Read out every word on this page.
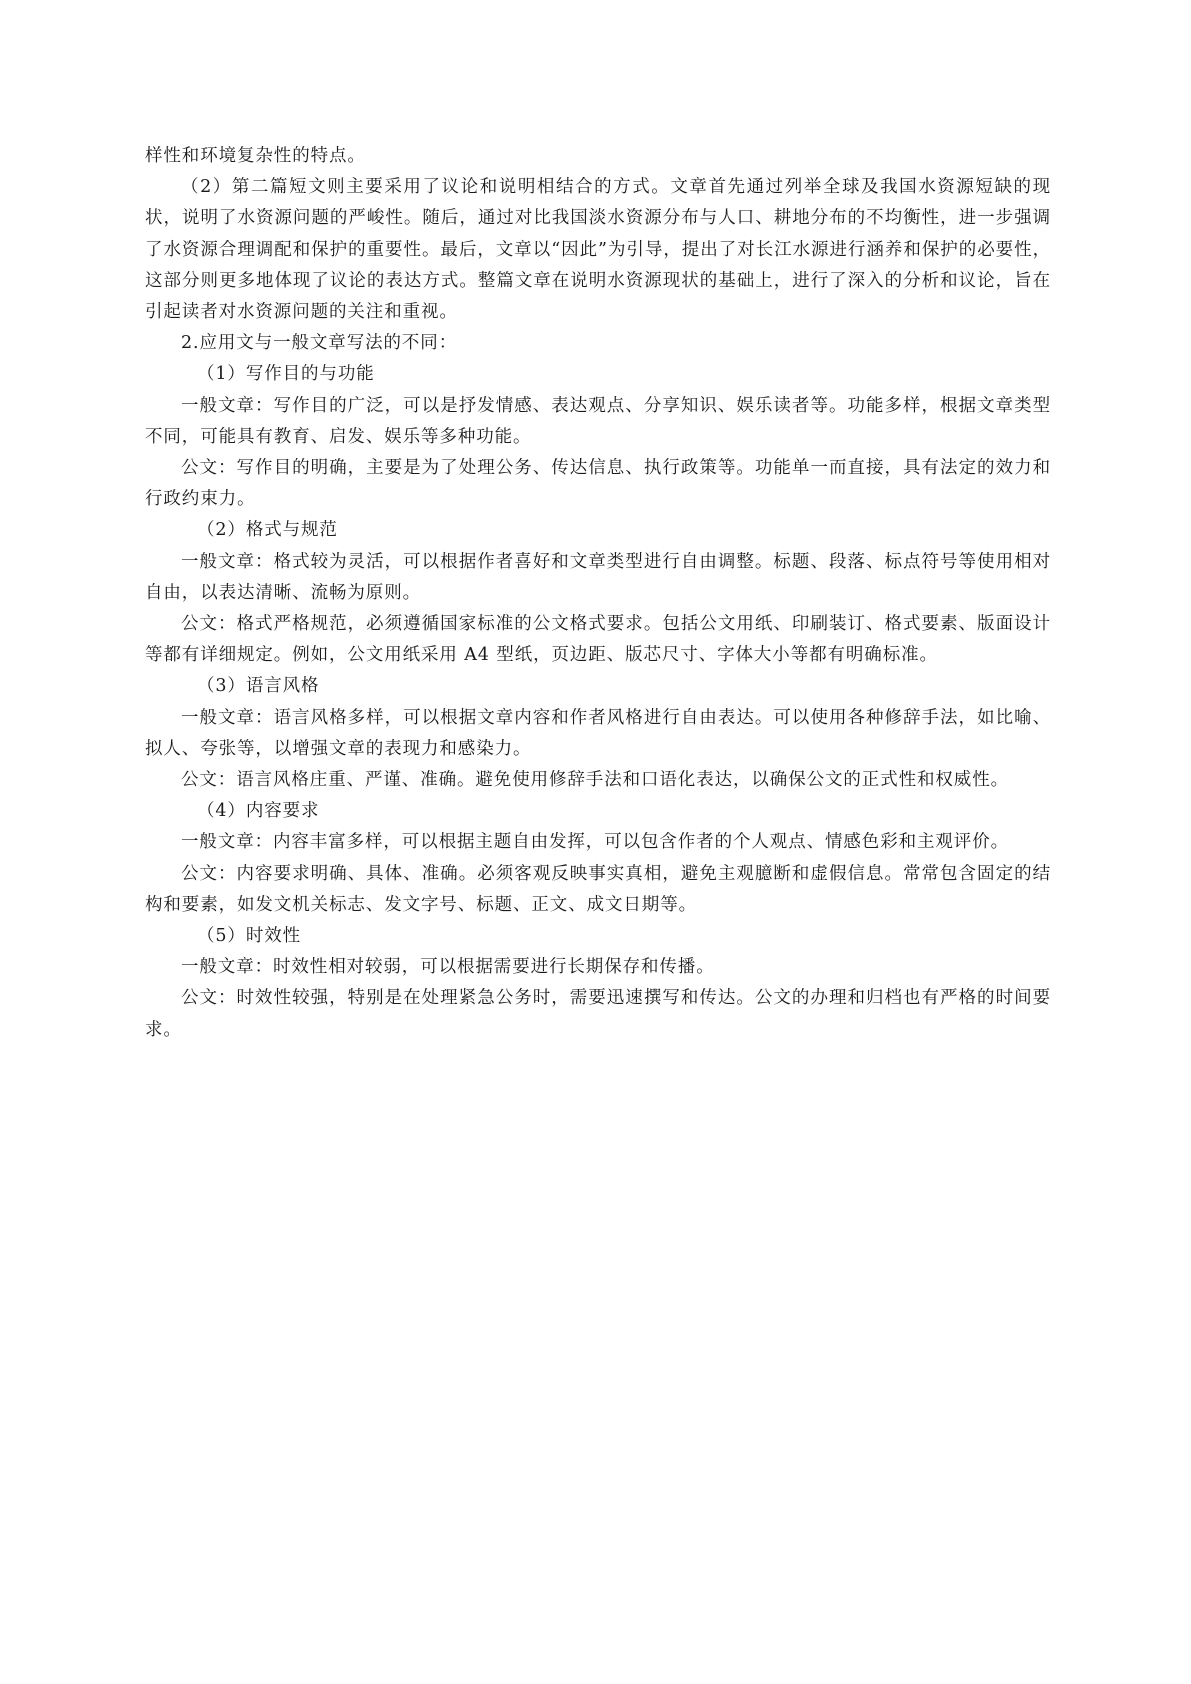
样性和环境复杂性的特点。

（2）第二篇短文则主要采用了议论和说明相结合的方式。文章首先通过列举全球及我国水资源短缺的现状，说明了水资源问题的严峻性。随后，通过对比我国淡水资源分布与人口、耕地分布的不均衡性，进一步强调了水资源合理调配和保护的重要性。最后，文章以“因此”为引导，提出了对长江水源进行涵养和保护的必要性，这部分则更多地体现了议论的表达方式。整篇文章在说明水资源现状的基础上，进行了深入的分析和议论，旨在引起读者对水资源问题的关注和重视。

2.应用文与一般文章写法的不同：

（1）写作目的与功能

一般文章：写作目的广泛，可以是抒发情感、表达观点、分享知识、娱乐读者等。功能多样，根据文章类型不同，可能具有教育、启发、娱乐等多种功能。

公文：写作目的明确，主要是为了处理公务、传达信息、执行政策等。功能单一而直接，具有法定的效力和行政约束力。

（2）格式与规范

一般文章：格式较为灵活，可以根据作者喜好和文章类型进行自由调整。标题、段落、标点符号等使用相对自由，以表达清晰、流畅为原则。

公文：格式严格规范，必须遵循国家标准的公文格式要求。包括公文用纸、印刷装订、格式要素、版面设计等都有详细规定。例如，公文用纸采用 A4 型纸，页边距、版芯尺寸、字体大小等都有明确标准。

（3）语言风格

一般文章：语言风格多样，可以根据文章内容和作者风格进行自由表达。可以使用各种修辞手法，如比喻、拟人、夸张等，以增强文章的表现力和感染力。

公文：语言风格庄重、严谨、准确。避免使用修辞手法和口语化表达，以确保公文的正式性和权威性。

（4）内容要求

一般文章：内容丰富多样，可以根据主题自由发挥，可以包含作者的个人观点、情感色彩和主观评价。

公文：内容要求明确、具体、准确。必须客观反映事实真相，避免主观臆断和虚假信息。常常包含固定的结构和要素，如发文机关标志、发文字号、标题、正文、成文日期等。

（5）时效性

一般文章：时效性相对较弱，可以根据需要进行长期保存和传播。

公文：时效性较强，特别是在处理紧急公务时，需要迅速撰写和传达。公文的办理和归档也有严格的时间要求。
